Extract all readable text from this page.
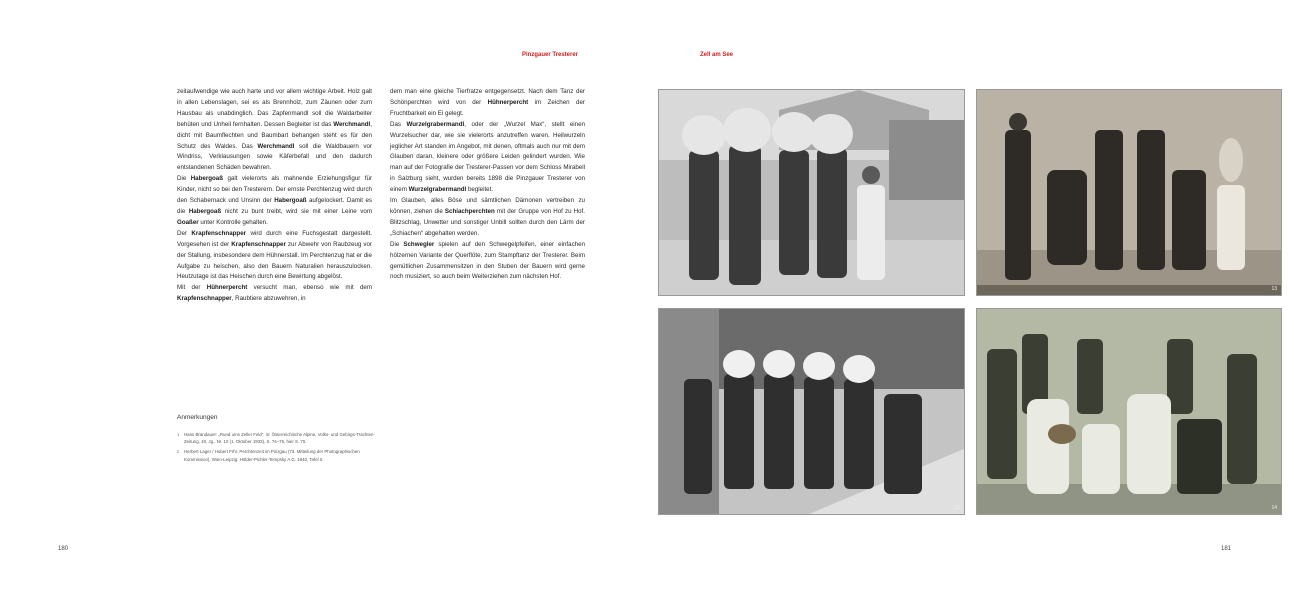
Pinzgauer Tresterer	Zell am See

zeitaufwendige wie auch harte und vor allem wichtige Arbeit. Holz galt in allen Lebenslagen, sei es als Brennholz, zum Zäunen oder zum Hausbau als unabdinglich. Das Zapfenmandl soll die Waldarbeiter behüten und Unheil fernhalten. Dessen Begleiter ist das Werchmandl, dicht mit Baumflechten und Baumbart behangen steht es für den Schutz des Waldes. Das Werchmandl soll die Waldbauern vor Windriss, Verklausungen sowie Käferbefall und den dadurch entstandenen Schäden bewahren.

Die Habergoaß galt vielerorts als mahnende Erziehungsfigur für Kinder, nicht so bei den Tresterern. Der ernste Perchtenzug wird durch den Schabernack und Unsinn der Habergoaß aufgelockert. Damit es die Habergoaß nicht zu bunt treibt, wird sie mit einer Leine vom Goaßer unter Kontrolle gehalten.

Der Krapfenschnapper wird durch eine Fuchsgestalt dargestellt. Vorgesehen ist der Krapfenschnapper zur Abwehr von Raubzeug vor der Stallung, insbesondere dem Hühnerstall. Im Perchtenzug hat er die Aufgabe zu heischen, also den Bauern Naturalien herauszulocken. Heutzutage ist das Heischen durch eine Bewirtung abgelöst.

Mit der Hühnerpercht versucht man, ebenso wie mit dem Krapfenschnapper, Raubtiere abzuwehren, in

dem man eine gleiche Tierfratze entgegensetzt. Nach dem Tanz der Schönperchten wird von der Hühnerpercht im Zeichen der Fruchtbarkeit ein Ei gelegt.

Das Wurzelgrabermandl, oder der „Wurzel Max“, stellt einen Wurzelsucher dar, wie sie vielerorts anzutreffen waren. Heilwurzeln jeglicher Art standen im Angebot, mit denen, oftmals auch nur mit dem Glauben daran, kleinere oder größere Leiden gelindert wurden. Wie man auf der Fotografie der Tresterer-Passen vor dem Schloss Mirabell in Salzburg sieht, wurden bereits 1898 die Pinzgauer Tresterer von einem Wurzelgrabermandl begleitet.

Im Glauben, alles Böse und sämtlichen Dämonen vertreiben zu können, ziehen die Schiachperchten mit der Gruppe von Hof zu Hof. Blitzschlag, Unwetter und sonstiger Unbill sollten durch den Lärm der „Schiachen“ abgehalten werden.

Die Schwegler spielen auf den Schwegelpfeifen, einer einfachen hölzernen Variante der Querflöte, zum Stampftanz der Tresterer. Beim gemütlichen Zusammensitzen in den Stuben der Bauern wird gerne noch musiziert, so auch beim Weiterziehen zum nächsten Hof.

Anmerkungen
1	Hans Brandauer: „Rund ums Zeller Feld“, in: Österreichische Alpine, Volks- und Gebirgs-Trachten-Zeitung, 19. Jg., Nr. 10 (1. Oktober 1933), S. 74–76, hier S. 75.
2	Herbert Lager / Hubert Frhr. Perchtenzeit im Pinzgau (73. Mitteilung der Photographischen Kommission), Wien-Leipzig: Hölder-Pichler-Tempsky A.G. 1940, Tafel II.
180	181
13
12	14
